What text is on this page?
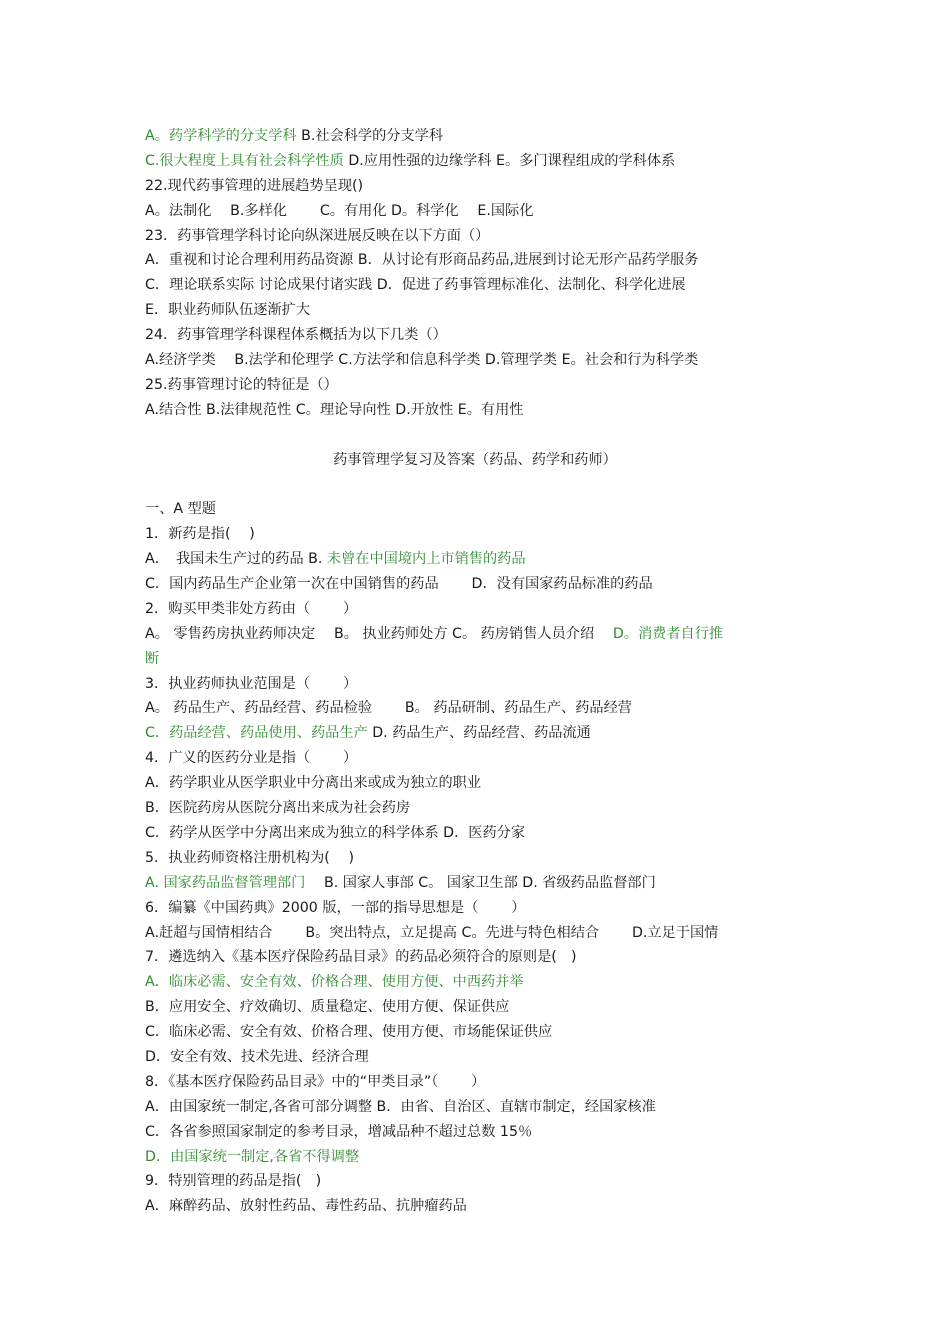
A。药学科学的分支学科 B.社会科学的分支学科
C.很大程度上具有社会科学性质 D.应用性强的边缘学科 E。多门课程组成的学科体系
22.现代药事管理的进展趋势呈现()
A。法制化　 B.多样化　　 C。有用化 D。科学化　 E.国际化
23．药事管理学科讨论向纵深进展反映在以下方面（）
A．重视和讨论合理利用药品资源 B．从讨论有形商品药品,进展到讨论无形产品药学服务
C．理论联系实际 讨论成果付诸实践 D．促进了药事管理标准化、法制化、科学化进展
E．职业药师队伍逐渐扩大
24．药事管理学科课程体系概括为以下几类（）
A.经济学类　 B.法学和伦理学 C.方法学和信息科学类 D.管理学类 E。社会和行为科学类
25.药事管理讨论的特征是（）
A.结合性 B.法律规范性 C。理论导向性 D.开放性 E。有用性
药事管理学复习及答案（药品、药学和药师）
一、A 型题
1．新药是指(　 )
A．　我国未生产过的药品 B. 未曾在中国境内上市销售的药品
C．国内药品生产企业第一次在中国销售的药品　　 D．没有国家药品标准的药品
2．购买甲类非处方药由（　　 ）
A。 零售药房执业药师决定　 B。 执业药师处方 C。 药房销售人员介绍　 D。消费者自行推
断
3．执业药师执业范围是（　　 ）
A。 药品生产、药品经营、药品检验　　 B。 药品研制、药品生产、药品经营
C．药品经营、药品使用、药品生产 D. 药品生产、药品经营、药品流通
4．广义的医药分业是指（　　 ）
A．药学职业从医学职业中分离出来或成为独立的职业
B．医院药房从医院分离出来成为社会药房
C．药学从医学中分离出来成为独立的科学体系 D．医药分家
5．执业药师资格注册机构为(　 )
A. 国家药品监督管理部门　 B. 国家人事部 C。 国家卫生部 D. 省级药品监督部门
6．编纂《中国药典》2000 版，一部的指导思想是（　　 ）
A.赶超与国情相结合　　 B。突出特点，立足提高 C。先进与特色相结合　　 D.立足于国情
7．遴选纳入《基本医疗保险药品目录》的药品必须符合的原则是(　)
A．临床必需、安全有效、价格合理、使用方便、中西药并举
B．应用安全、疗效确切、质量稳定、使用方便、保证供应
C．临床必需、安全有效、价格合理、使用方便、市场能保证供应
D．安全有效、技术先进、经济合理
8．《基本医疗保险药品目录》中的“甲类目录”（　　 ）
A．由国家统一制定,各省可部分调整 B．由省、自治区、直辖市制定，经国家核准
C．各省参照国家制定的参考目录，增减品种不超过总数 15％
D．由国家统一制定,各省不得调整
9．特别管理的药品是指(　)
A．麻醉药品、放射性药品、毒性药品、抗肿瘤药品
